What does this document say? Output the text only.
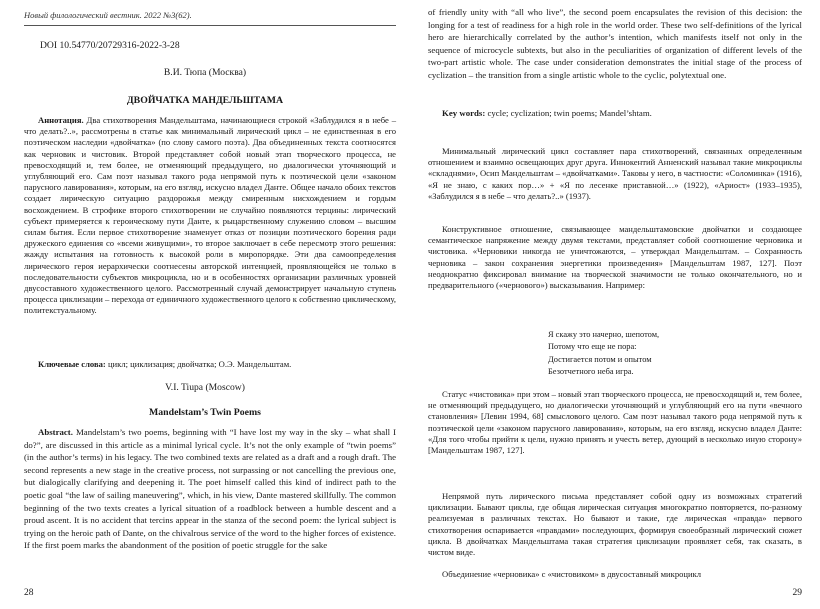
Новый филологический вестник. 2022 №3(62).
DOI 10.54770/20729316-2022-3-28
В.И. Тюпа (Москва)
ДВОЙЧАТКА МАНДЕЛЬШТАМА

Аннотация. Два стихотворения Мандельштама, начинающиеся строкой «Заблудился я в небе – что делать?..», рассмотрены в статье как минимальный лирический цикл – не единственная в его поэтическом наследии «двойчатка» (по слову самого поэта). Два объединенных текста соотносятся как черновик и чистовик. Второй представляет собой новый этап творческого процесса, не превосходящий и, тем более, не отменяющий предыдущего, но диалогически уточняющий и углубляющий его. Сам поэт называл такого рода непрямой путь к поэтической цели «законом парусного лавирования», которым, на его взгляд, искусно владел Данте. Общее начало обоих текстов создает лирическую ситуацию раздорожья между смиренным нисхождением и гордым восхождением. В строфике второго стихотворении не случайно появляются терцины: лирический субъект примеряется к героическому пути Данте, к рыцарственному служению словом – высшим силам бытия. Если первое стихотворение знаменует отказ от позиции поэтического борения ради дружеского единения со «всеми живущими», то второе заключает в себе пересмотр этого решения: жажду испытания на готовность к высокой роли в миропорядке. Эти два самоопределения лирического героя иерархически соотнесены авторской интенцией, проявляющейся не только в последовательности субъектов микроцикла, но и в особенностях организации различных уровней двусоставного художественного целого. Рассмотренный случай демонстрирует начальную ступень процесса циклизации – перехода от единичного художественного целого к собственно циклическому, политекстуальному.

Ключевые слова: цикл; циклизация; двойчатка; О.Э. Мандельштам.

V.I. Tiupa (Moscow)
Mandelstam’s Twin Poems

Abstract. Mandelstam’s two poems, beginning with “I have lost my way in the sky – what shall I do?”, are discussed in this article as a minimal lyrical cycle. It’s not the only example of “twin poems” (in the author’s terms) in his legacy. The two combined texts are related as a draft and a rough draft. The second represents a new stage in the creative process, not surpassing or not cancelling the previous one, but dialogically clarifying and deepening it. The poet himself called this kind of indirect path to the poetic goal “the law of sailing maneuvering”, which, in his view, Dante mastered skillfully. The common beginning of the two texts creates a lyrical situation of a roadblock between a humble descent and a proud ascent. It is no accident that tercins appear in the stanza of the second poem: the lyrical subject is trying on the heroic path of Dante, on the chivalrous service of the word to the higher forces of existence. If the first poem marks the abandonment of the position of poetic struggle for the sake

28

of friendly unity with “all who live”, the second poem encapsulates the revision of this decision: the longing for a test of readiness for a high role in the world order. These two self-definitions of the lyrical hero are hierarchically correlated by the author’s intention, which manifests itself not only in the sequence of microcycle subtexts, but also in the peculiarities of organization of different levels of the two-part artistic whole. The case under consideration demonstrates the initial stage of the process of cyclization – the transition from a single artistic whole to the cyclic, polytextual one.

Key words: cycle; cyclization; twin poems; Mandel’shtam.

Минимальный лирический цикл составляет пара стихотворений, связанных определенным отношением и взаимно освещающих друг друга. Иннокентий Анненский называл такие микроциклы «складнями», Осип Мандельштам – «двойчатками». Таковы у него, в частности: «Соломинка» (1916), «Я не знаю, с каких пор…» + «Я по лесенке приставной…» (1922), «Ариост» (1933–1935), «Заблудился я в небе – что делать?..» (1937).

Конструктивное отношение, связывающее мандельштамовские двойчатки и создающее семантическое напряжение между двумя текстами, представляет собой соотношение черновика и чистовика. «Черновики никогда не уничтожаются, – утверждал Мандельштам. – Сохранность черновика – закон сохранения энергетики произведения» [Мандельштам 1987, 127]. Поэт неоднократно фиксировал внимание на творческой значимости не только окончательного, но и предварительного («чернового») высказывания. Например:

Я скажу это начерно, шепотом,
Потому что еще не пора:
Достигается потом и опытом
Безотчетного неба игра.

Статус «чистовика» при этом – новый этап творческого процесса, не превосходящий и, тем более, не отменяющий предыдущего, но диалогически уточняющий и углубляющий его на пути «вечного становления» [Левин 1994, 68] смыслового целого. Сам поэт называл такого рода непрямой путь к поэтической цели «законом парусного лавирования», которым, на его взгляд, искусно владел Данте: «Для того чтобы прийти к цели, нужно принять и учесть ветер, дующий в несколько иную сторону» [Мандельштам 1987, 127].

Непрямой путь лирического письма представляет собой одну из возможных стратегий циклизации. Бывают циклы, где общая лирическая ситуация многократно повторяется, по-разному реализуемая в различных текстах. Но бывают и такие, где лирическая «правда» первого стихотворения оспаривается «правдами» последующих, формируя своеобразный лирический сюжет цикла. В двойчатках Мандельштама такая стратегия циклизации проявляет себя, так сказать, в чистом виде.

Объединение «черновика» с «чистовиком» в двусоставный микроцикл

29
